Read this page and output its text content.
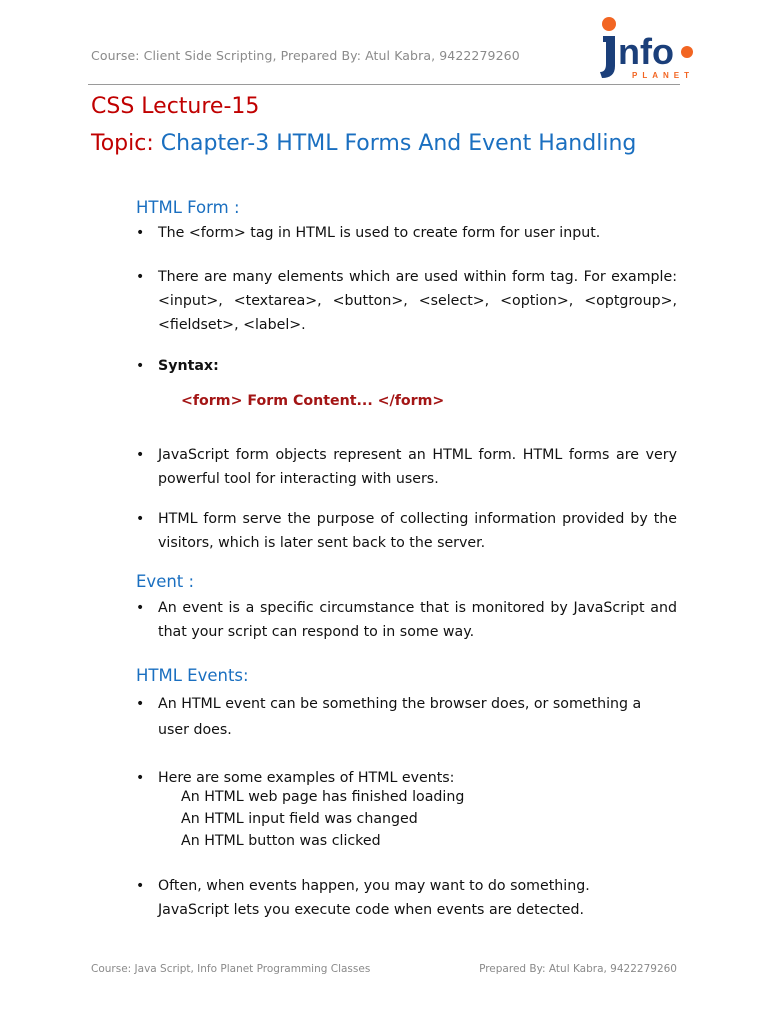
Course: Client Side Scripting, Prepared By: Atul Kabra, 9422279260	nfo
PLANET
CSS Lecture-15
Topic: Chapter-3 HTML Forms And Event Handling
HTML Form :
• The <form> tag in HTML is used to create form for user input.
• There are many elements which are used within form tag. For example: <input>, <textarea>, <button>, <select>, <option>, <optgroup>, <fieldset>, <label>.
• Syntax:
<form> Form Content... </form>
• JavaScript form objects represent an HTML form. HTML forms are very powerful tool for interacting with users.
• HTML form serve the purpose of collecting information provided by the visitors, which is later sent back to the server.
Event :
• An event is a specific circumstance that is monitored by JavaScript and that your script can respond to in some way.
HTML Events:
• An HTML event can be something the browser does, or something a
user does.
• Here are some examples of HTML events:
An HTML web page has finished loading
An HTML input field was changed
An HTML button was clicked
• Often, when events happen, you may want to do something.
JavaScript lets you execute code when events are detected.
Course: Java Script, Info Planet Programming Classes	Prepared By: Atul Kabra, 9422279260
